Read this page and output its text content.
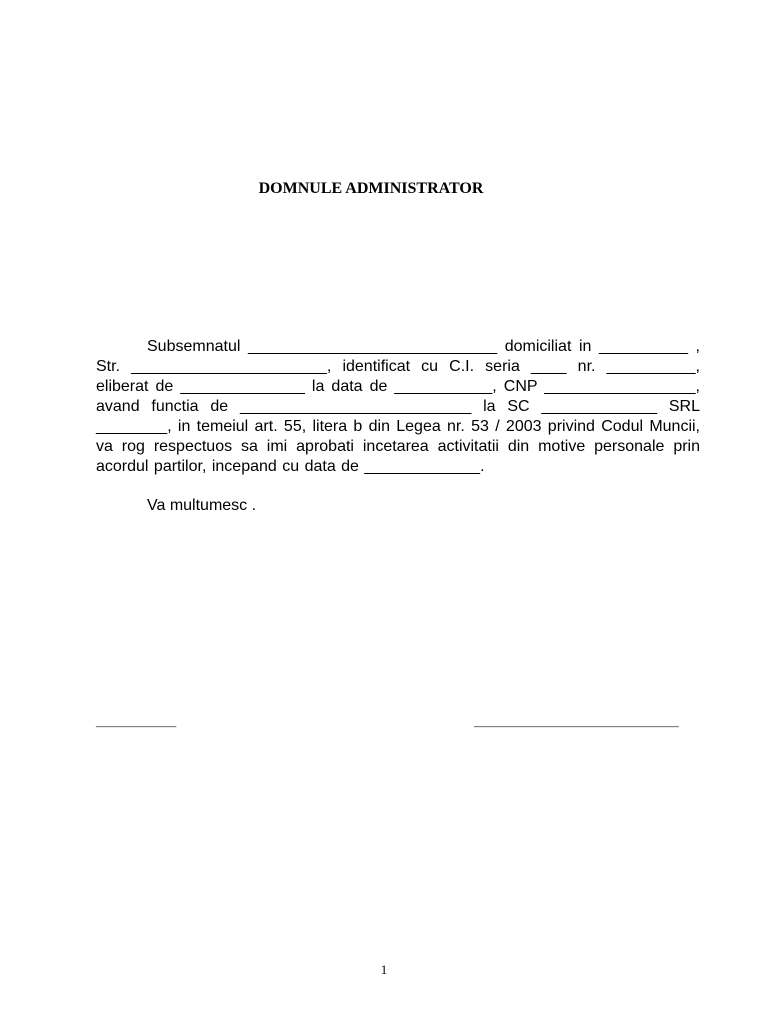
DOMNULE ADMINISTRATOR

Subsemnatul ____________________________ domiciliat in __________ , Str. ______________________, identificat cu C.I. seria ____ nr. __________, eliberat de ______________ la data de ___________, CNP _________________, avand functia de __________________________ la SC _____________ SRL ________, in temeiul art. 55, litera b din Legea nr. 53 / 2003 privind Codul Muncii, va rog respectuos sa imi aprobati incetarea activitatii din motive personale prin acordul partilor, incepand cu data de _____________.

Va multumesc .

_________	_______________________
1
